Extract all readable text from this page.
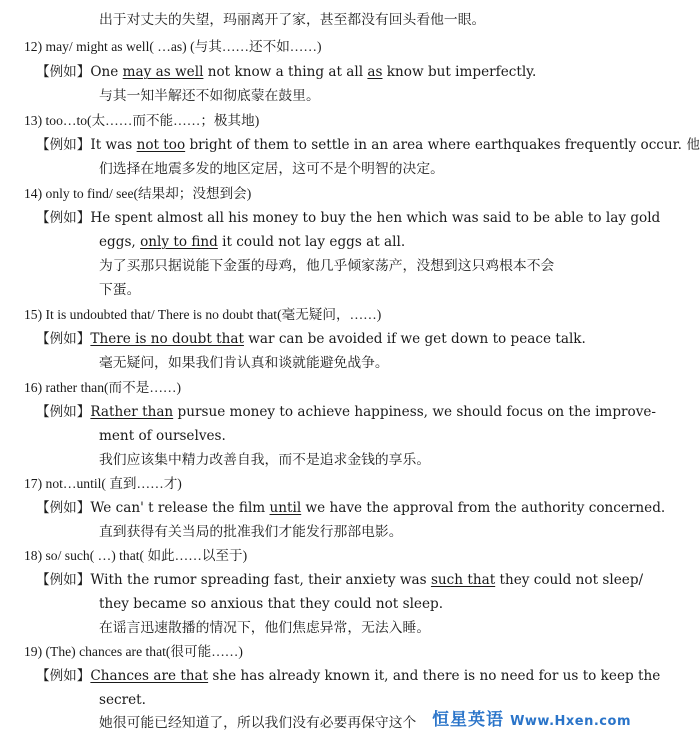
出于对丈夫的失望，玛丽离开了家，甚至都没有回头看他一眼。
12) may/ might as well( …as) (与其……还不如……)
【例如】One may as well not know a thing at all as know but imperfectly.
与其一知半解还不如彻底蒙在鼓里。
13) too…to(太……而不能……；极其地)
【例如】It was not too bright of them to settle in an area where earthquakes frequently occur. 他
们选择在地震多发的地区定居，这可不是个明智的决定。
14) only to find/ see(结果却；没想到会)
【例如】He spent almost all his money to buy the hen which was said to be able to lay gold
eggs, only to find it could not lay eggs at all.
为了买那只据说能下金蛋的母鸡，他几乎倾家荡产，没想到这只鸡根本不会
下蛋。
15) It is undoubted that/ There is no doubt that(毫无疑问，……)
【例如】There is no doubt that war can be avoided if we get down to peace talk.
毫无疑问，如果我们肯认真和谈就能避免战争。
16) rather than(而不是……)
【例如】Rather than pursue money to achieve happiness, we should focus on the improve-
ment of ourselves.
我们应该集中精力改善自我，而不是追求金钱的享乐。
17) not…until( 直到……才)
【例如】We can' t release the film until we have the approval from the authority concerned.
直到获得有关当局的批准我们才能发行那部电影。
18) so/ such( …) that( 如此……以至于)
【例如】With the rumor spreading fast, their anxiety was such that they could not sleep/
they became so anxious that they could not sleep.
在谣言迅速散播的情况下，他们焦虑异常，无法入睡。
19) (The) chances are that(很可能……)
【例如】Chances are that she has already known it, and there is no need for us to keep the
secret.
她很可能已经知道了，所以我们没有必要再保守这个 恒星英语 Www.Hxen.com
